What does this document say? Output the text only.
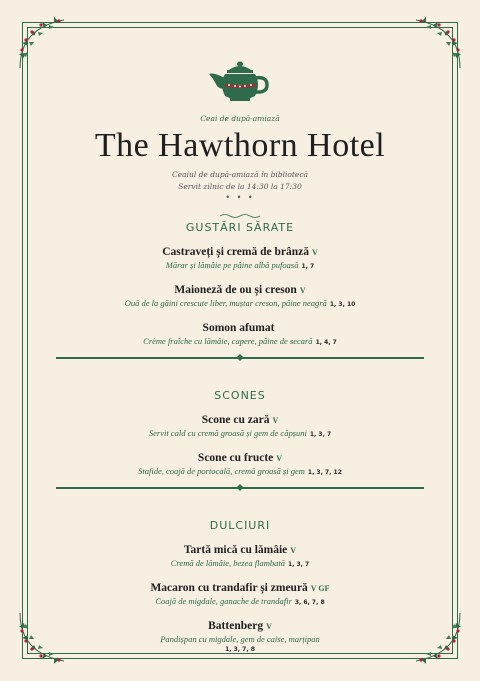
Ceai de după-amiază
The Hawthorn Hotel
Ceaiul de după-amiază în bibliotecă
Servit zilnic de la 14:30 la 17:30
• • •
GUSTĂRI SĂRATE
Castraveți și cremă de brânză V
Mărar și lămâie pe pâine albă pufoasă 1, 7
Maioneză de ou și creson V
Ouă de la găini crescute liber, muștar creson, pâine neagră 1, 3, 10
Somon afumat
Crème fraîche cu lămâie, capere, pâine de secară 1, 4, 7
SCONES
Scone cu zară V
Servit cald cu cremă groasă și gem de căpșuni 1, 3, 7
Scone cu fructe V
Stafide, coajă de portocală, cremă groasă și gem 1, 3, 7, 12
DULCIURI
Tartă mică cu lămâie V
Cremă de lămâie, bezea flambată 1, 3, 7
Macaron cu trandafir și zmeură V GF
Coajă de migdale, ganache de trandafir 3, 6, 7, 8
Battenberg V
Pandișpan cu migdale, gem de caise, marțipan
1, 3, 7, 8
